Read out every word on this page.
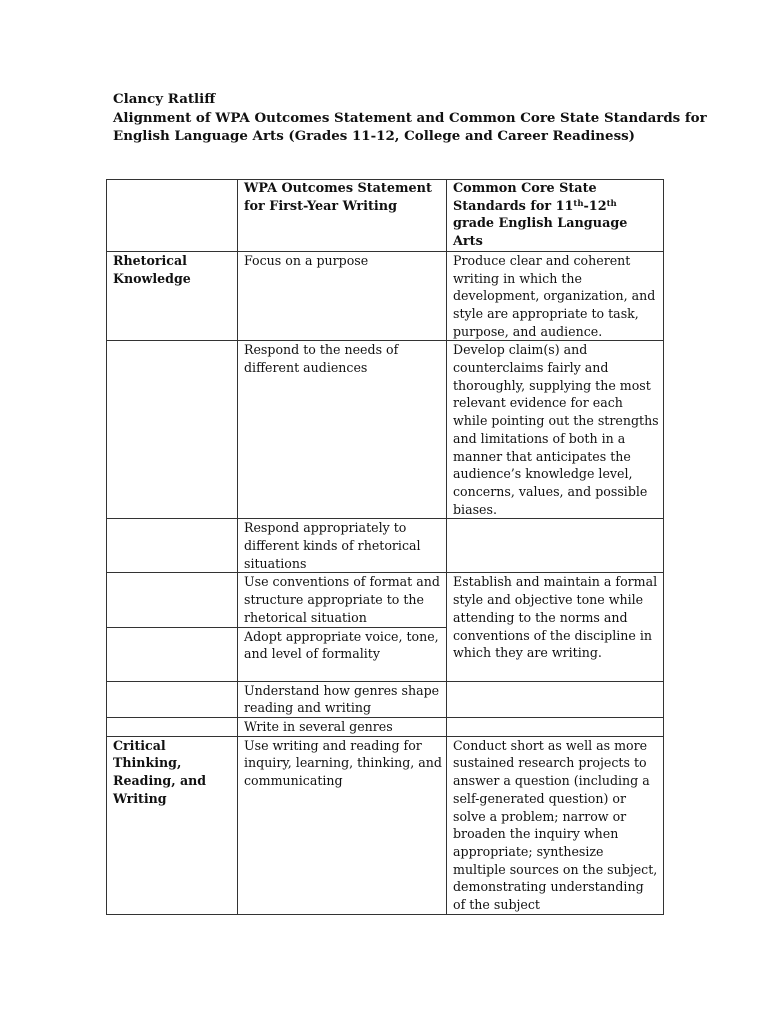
Clancy Ratliff
Alignment of WPA Outcomes Statement and Common Core State Standards for
English Language Arts (Grades 11-12, College and Career Readiness)
	WPA Outcomes Statement for First-Year Writing	Common Core State Standards for 11th-12th grade English Language Arts
Rhetorical Knowledge	Focus on a purpose	Produce clear and coherent writing in which the development, organization, and style are appropriate to task, purpose, and audience.
	Respond to the needs of different audiences	Develop claim(s) and counterclaims fairly and thoroughly, supplying the most relevant evidence for each while pointing out the strengths and limitations of both in a manner that anticipates the audience’s knowledge level, concerns, values, and possible biases.
	Respond appropriately to different kinds of rhetorical situations	
	Use conventions of format and structure appropriate to the rhetorical situation	Establish and maintain a formal style and objective tone while attending to the norms and conventions of the discipline in which they are writing.
	Adopt appropriate voice, tone, and level of formality	
	Understand how genres shape reading and writing	
	Write in several genres	
Critical Thinking, Reading, and Writing	Use writing and reading for inquiry, learning, thinking, and communicating	Conduct short as well as more sustained research projects to answer a question (including a self-generated question) or solve a problem; narrow or broaden the inquiry when appropriate; synthesize multiple sources on the subject, demonstrating understanding of the subject
